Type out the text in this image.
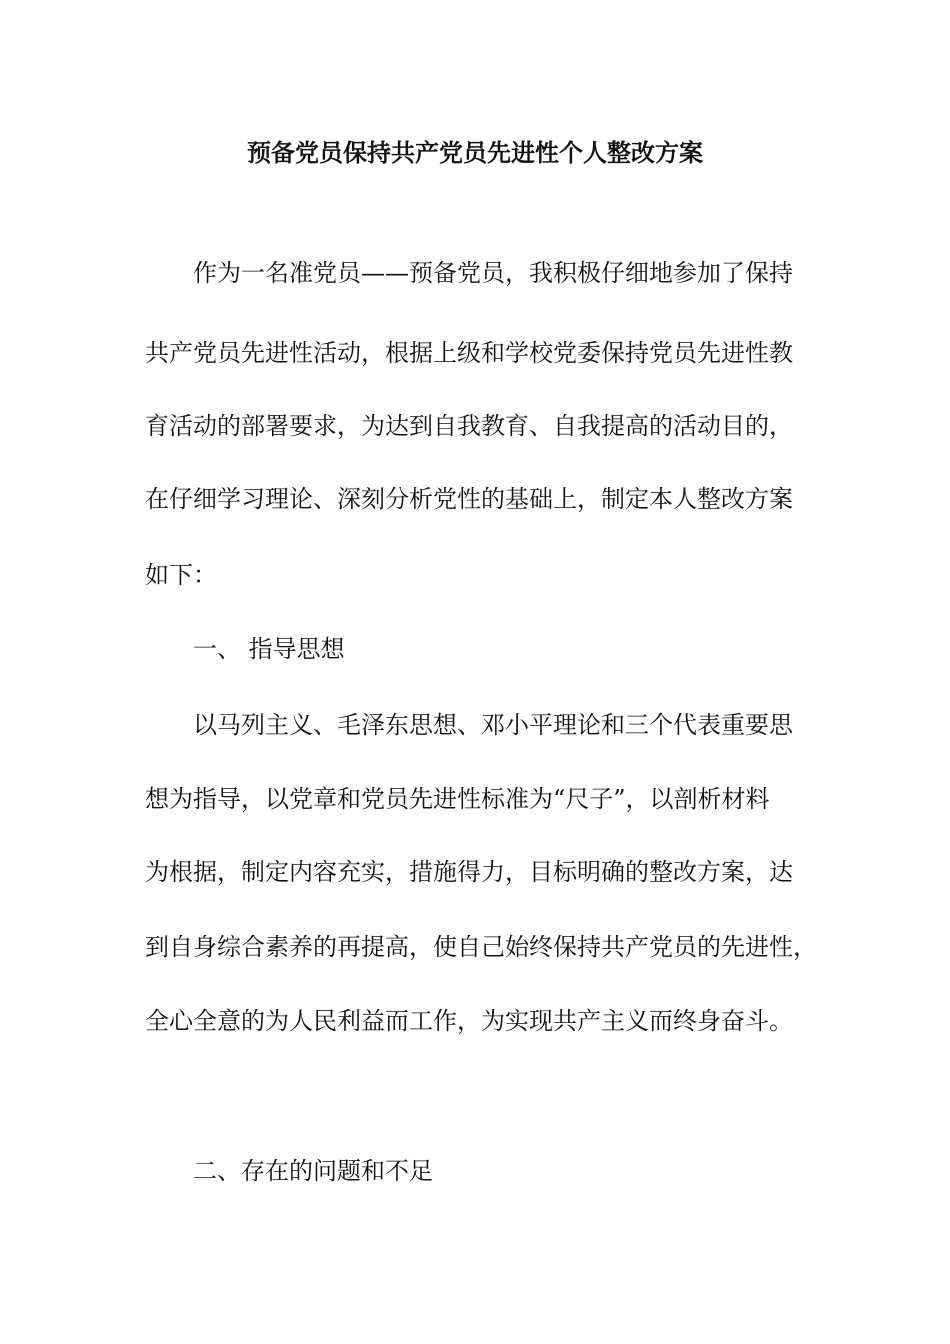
预备党员保持共产党员先进性个人整改方案
作为一名准党员——预备党员，我积极仔细地参加了保持
共产党员先进性活动，根据上级和学校党委保持党员先进性教
育活动的部署要求，为达到自我教育、自我提高的活动目的，
在仔细学习理论、深刻分析党性的基础上，制定本人整改方案
如下：
一、 指导思想
以马列主义、毛泽东思想、邓小平理论和三个代表重要思
想为指导，以党章和党员先进性标准为“尺子”，以剖析材料
为根据，制定内容充实，措施得力，目标明确的整改方案，达
到自身综合素养的再提高，使自己始终保持共产党员的先进性，
全心全意的为人民利益而工作，为实现共产主义而终身奋斗。
二、存在的问题和不足
